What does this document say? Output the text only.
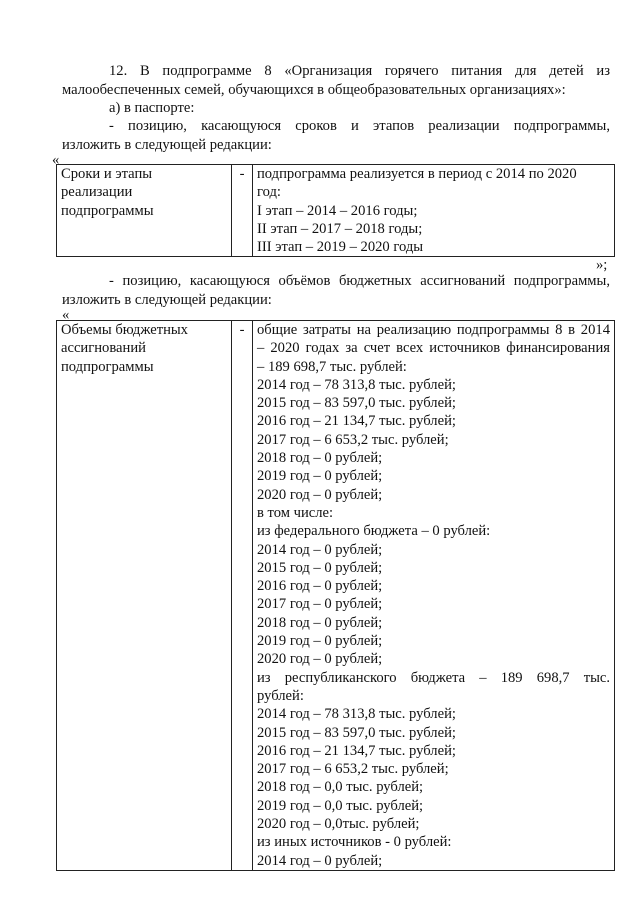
12. В подпрограмме 8 «Организация горячего питания для детей из
малообеспеченных семей, обучающихся в общеобразовательных организациях»:

а) в паспорте:

- позицию, касающуюся сроков и этапов реализации подпрограммы,
изложить в следующей редакции:

«
Сроки и этапы
реализации
подпрограммы
	-	подпрограмма реализуется в период с 2014 по 2020
год:
I этап – 2014 – 2016 годы;
II этап – 2017 – 2018 годы;
III этап – 2019 – 2020 годы
»;

- позицию, касающуюся объёмов бюджетных ассигнований подпрограммы,
изложить в следующей редакции:

«
Объемы бюджетных
ассигнований
подпрограммы
	-	общие затраты на реализацию подпрограммы 8 в 2014
– 2020 годах за счет всех источников финансирования
– 189 698,7 тыс. рублей:
2014 год – 78 313,8 тыс. рублей;
2015 год – 83 597,0 тыс. рублей;
2016 год – 21 134,7 тыс. рублей;
2017 год – 6 653,2 тыс. рублей;
2018 год – 0 рублей;
2019 год – 0 рублей;
2020 год – 0 рублей;
в том числе:
из федерального бюджета – 0 рублей:
2014 год – 0 рублей;
2015 год – 0 рублей;
2016 год – 0 рублей;
2017 год – 0 рублей;
2018 год – 0 рублей;
2019 год – 0 рублей;
2020 год – 0 рублей;
из республиканского бюджета – 189 698,7 тыс.
рублей:
2014 год – 78 313,8 тыс. рублей;
2015 год – 83 597,0 тыс. рублей;
2016 год – 21 134,7 тыс. рублей;
2017 год – 6 653,2 тыс. рублей;
2018 год – 0,0 тыс. рублей;
2019 год – 0,0 тыс. рублей;
2020 год – 0,0тыс. рублей;
из иных источников - 0 рублей:
2014 год – 0 рублей;
